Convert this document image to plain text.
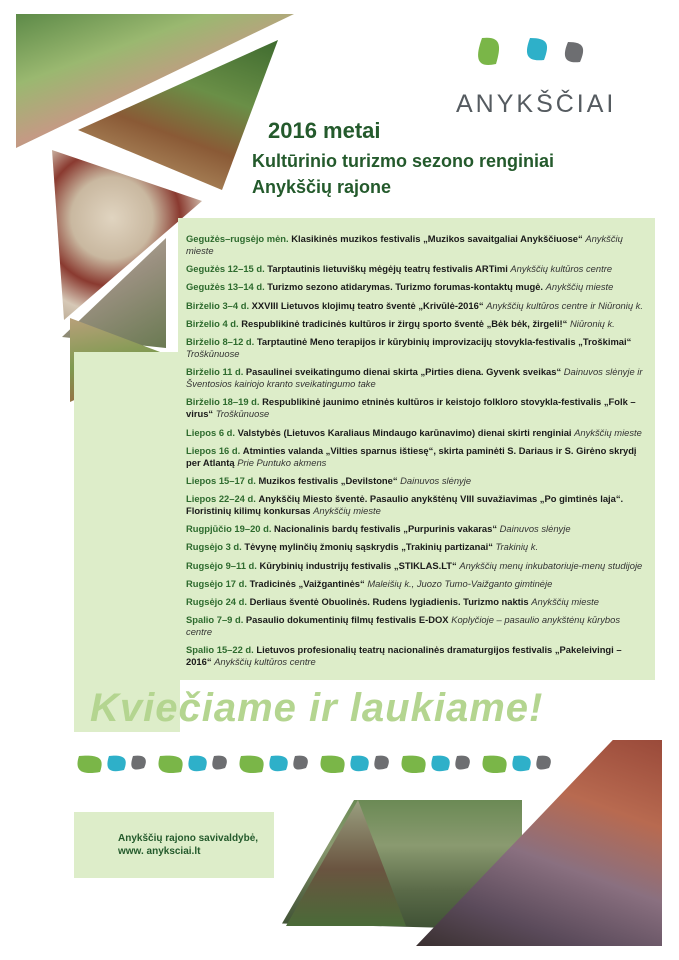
ANYKŠČIAI
2016 metai
Kultūrinio turizmo sezono renginiai
Anykščių rajone
Gegužės–rugsėjo mėn. Klasikinės muzikos festivalis „Muzikos savaitgaliai Anykščiuose“ Anykščių mieste
Gegužės 12–15 d. Tarptautinis lietuviškų mėgėjų teatrų festivalis ARTimi Anykščių kultūros centre
Gegužės 13–14 d. Turizmo sezono atidarymas. Turizmo forumas-kontaktų mugė. Anykščių mieste
Birželio 3–4 d. XXVIII Lietuvos klojimų teatro šventė „Krivūlė-2016“ Anykščių kultūros centre ir Niūronių k.
Birželio 4 d. Respublikinė tradicinės kultūros ir žirgų sporto šventė „Bėk bėk, žirgeli!“ Niūronių k.
Birželio 8–12 d. Tarptautinė Meno terapijos ir kūrybinių improvizacijų stovykla-festivalis „Troškimai“ Troškūnuose
Birželio 11 d. Pasaulinei sveikatingumo dienai skirta „Pirties diena. Gyvenk sveikas“ Dainuvos slėnyje ir Šventosios kairiojo kranto sveikatingumo take
Birželio 18–19 d. Respublikinė jaunimo etninės kultūros ir keistojo folkloro stovykla-festivalis „Folk – virus“ Troškūnuose
Liepos 6 d. Valstybės (Lietuvos Karaliaus Mindaugo karūnavimo) dienai skirti renginiai Anykščių mieste
Liepos 16 d. Atminties valanda „Vilties sparnus ištiesę“, skirta paminėti S. Dariaus ir S. Girėno skrydį per Atlantą Prie Puntuko akmens
Liepos 15–17 d. Muzikos festivalis „Devilstone“ Dainuvos slėnyje
Liepos 22–24 d. Anykščių Miesto šventė. Pasaulio anykštėnų VIII suvažiavimas „Po gimtinės laja“. Floristinių kilimų konkursas Anykščių mieste
Rugpjūčio 19–20 d. Nacionalinis bardų festivalis „Purpurinis vakaras“ Dainuvos slėnyje
Rugsėjo 3 d. Tėvynę mylinčių žmonių sąskrydis „Trakinių partizanai“ Trakinių k.
Rugsėjo 9–11 d. Kūrybinių industrijų festivalis „STIKLAS.LT“ Anykščių menų inkubatoriuje-menų studijoje
Rugsėjo 17 d. Tradicinės „Vaižgantinės“ Maleišių k., Juozo Tumo-Vaižganto gimtinėje
Rugsėjo 24 d. Derliaus šventė Obuolinės. Rudens lygiadienis. Turizmo naktis Anykščių mieste
Spalio 7–9 d. Pasaulio dokumentinių filmų festivalis E-DOX Koplyčioje – pasaulio anykštėnų kūrybos centre
Spalio 15–22 d. Lietuvos profesionalių teatrų nacionalinės dramaturgijos festivalis „Pakeleivingi – 2016“ Anykščių kultūros centre
Kviečiame ir laukiame!
Anykščių rajono savivaldybė,
www. anyksciai.lt
